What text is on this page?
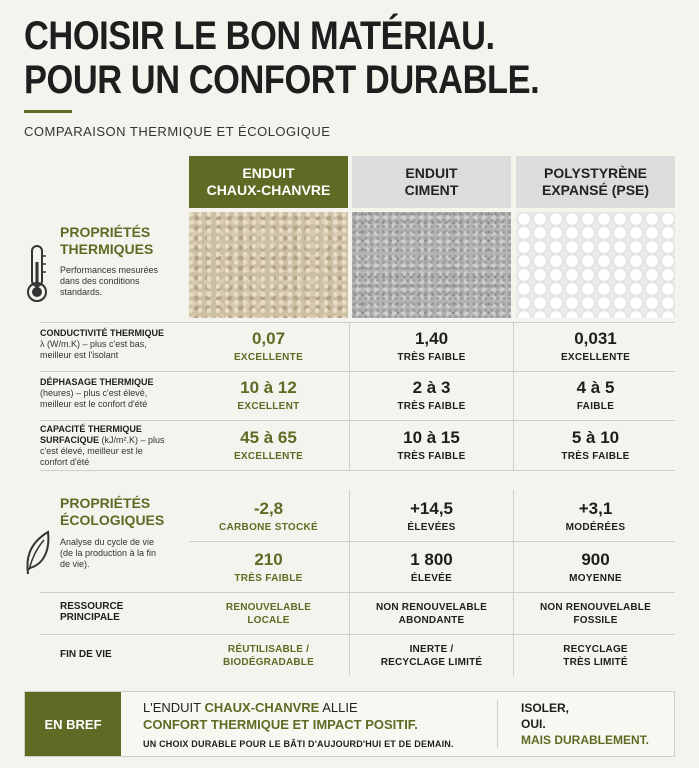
CHOISIR LE BON MATÉRIAU.
POUR UN CONFORT DURABLE.
COMPARAISON THERMIQUE ET ÉCOLOGIQUE
ENDUIT
CHAUX-CHANVRE
ENDUIT
CIMENT
POLYSTYRÈNE
EXPANSÉ (PSE)
PROPRIÉTÉS
THERMIQUES
Performances mesurées
dans des conditions
standards.
CONDUCTIVITÉ THERMIQUE
λ (W/m.K) – plus c'est bas,
meilleur est l'isolant
DÉPHASAGE THERMIQUE
(heures) – plus c'est élevé,
meilleur est le confort d'été
CAPACITÉ THERMIQUE
SURFACIQUE (kJ/m².K) – plus
c'est élevé, meilleur est le
confort d'été
0,07
EXCELLENTE
1,40
TRÈS FAIBLE
0,031
EXCELLENTE
10 à 12
EXCELLENT
2 à 3
TRÈS FAIBLE
4 à 5
FAIBLE
45 à 65
EXCELLENTE
10 à 15
TRÈS FAIBLE
5 à 10
TRÈS FAIBLE
PROPRIÉTÉS
ÉCOLOGIQUES
Analyse du cycle de vie
(de la production à la fin
de vie).
-2,8
CARBONE STOCKÉ
+14,5
ÉLEVÉES
+3,1
MODÉRÉES
210
TRÈS FAIBLE
1 800
ÉLEVÉE
900
MOYENNE
RESSOURCE
PRINCIPALE
RENOUVELABLE
LOCALE
NON RENOUVELABLE
ABONDANTE
NON RENOUVELABLE
FOSSILE
FIN DE VIE	RÉUTILISABLE /
BIODÉGRADABLE
INERTE /
RECYCLAGE LIMITÉ
RECYCLAGE
TRÈS LIMITÉ
EN BREF
L'ENDUIT CHAUX-CHANVRE ALLIE
CONFORT THERMIQUE ET IMPACT POSITIF.
UN CHOIX DURABLE POUR LE BÂTI D'AUJOURD'HUI ET DE DEMAIN.
ISOLER,
OUI.
MAIS DURABLEMENT.
